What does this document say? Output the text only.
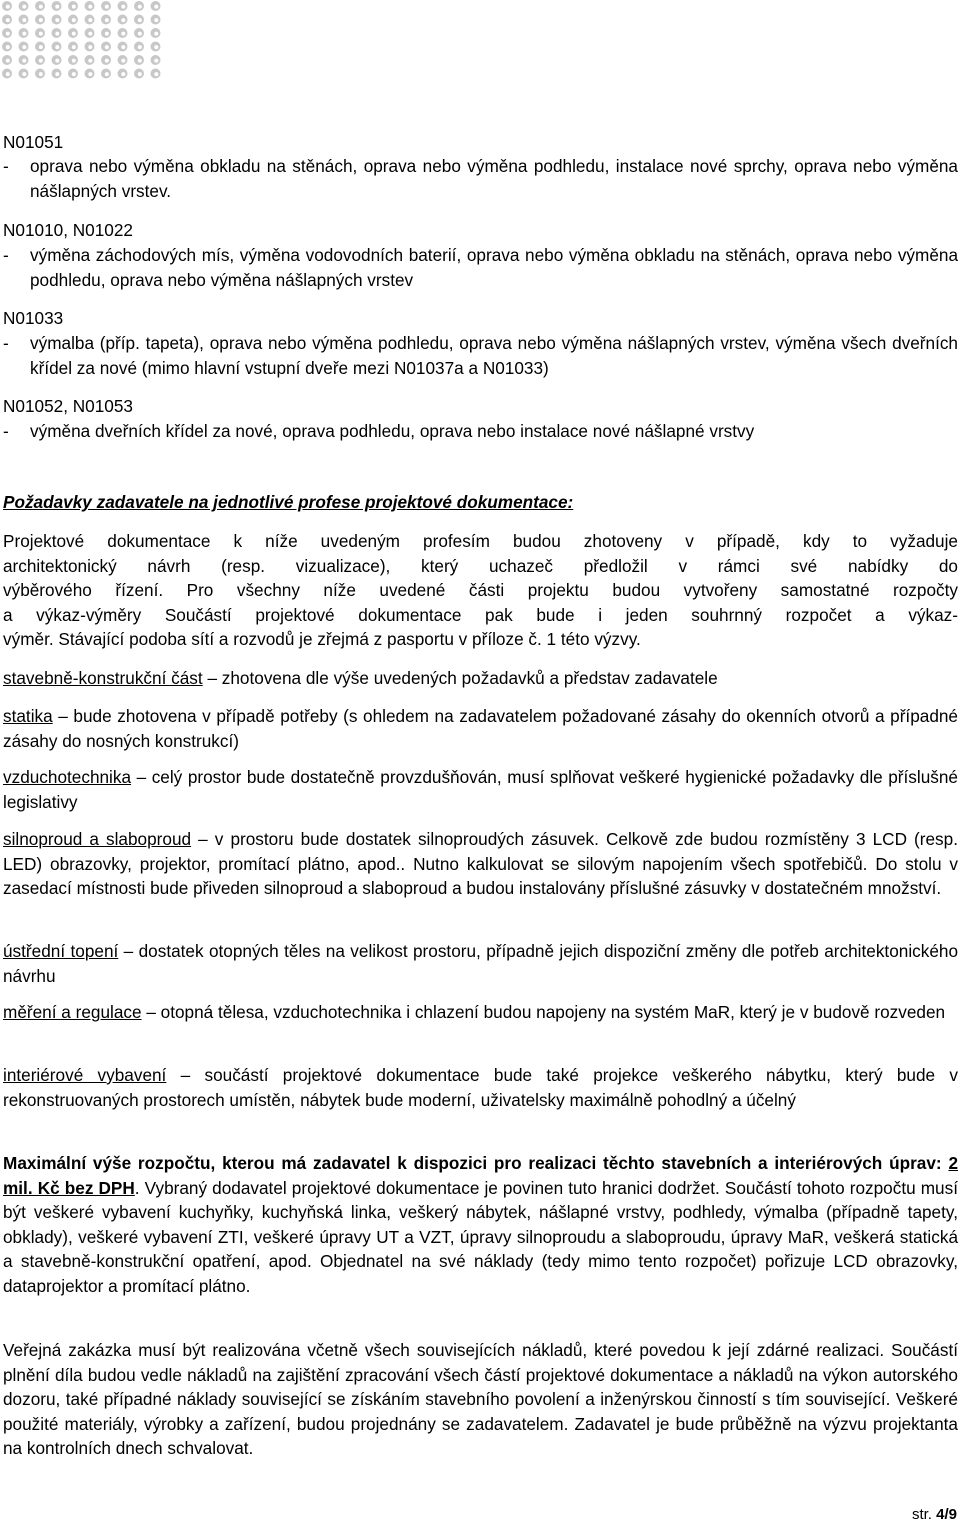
N01051
- oprava nebo výměna obkladu na stěnách, oprava nebo výměna podhledu, instalace nové sprchy, oprava nebo výměna nášlapných vrstev.
N01010, N01022
- výměna záchodových mís, výměna vodovodních baterií, oprava nebo výměna obkladu na stěnách, oprava nebo výměna podhledu, oprava nebo výměna nášlapných vrstev
N01033
- výmalba (příp. tapeta), oprava nebo výměna podhledu, oprava nebo výměna nášlapných vrstev, výměna všech dveřních křídel za nové (mimo hlavní vstupní dveře mezi N01037a a N01033)
N01052, N01053
- výměna dveřních křídel za nové, oprava podhledu, oprava nebo instalace nové nášlapné vrstvy
Požadavky zadavatele na jednotlivé profese projektové dokumentace:
Projektové dokumentace k níže uvedeným profesím budou zhotoveny v případě, kdy to vyžaduje
architektonický návrh (resp. vizualizace), který uchazeč předložil v rámci své nabídky do
výběrového řízení. Pro všechny níže uvedené části projektu budou vytvořeny samostatné rozpočty
a výkaz-výměry Součástí projektové dokumentace pak bude i jeden souhrnný rozpočet a výkaz-
výměr. Stávající podoba sítí a rozvodů je zřejmá z pasportu v příloze č. 1 této výzvy.
stavebně-konstrukční část – zhotovena dle výše uvedených požadavků a představ zadavatele
statika – bude zhotovena v případě potřeby (s ohledem na zadavatelem požadované zásahy do okenních otvorů a případné zásahy do nosných konstrukcí)
vzduchotechnika – celý prostor bude dostatečně provzdušňován, musí splňovat veškeré hygienické požadavky dle příslušné legislativy
silnoproud a slaboproud – v prostoru bude dostatek silnoproudých zásuvek. Celkově zde budou rozmístěny 3 LCD (resp. LED) obrazovky, projektor, promítací plátno, apod.. Nutno kalkulovat se silovým napojením všech spotřebičů. Do stolu v zasedací místnosti bude přiveden silnoproud a slaboproud a budou instalovány příslušné zásuvky v dostatečném množství.
ústřední topení – dostatek otopných těles na velikost prostoru, případně jejich dispoziční změny dle potřeb architektonického návrhu
měření a regulace – otopná tělesa, vzduchotechnika i chlazení budou napojeny na systém MaR, který je v budově rozveden
interiérové vybavení – součástí projektové dokumentace bude také projekce veškerého nábytku, který bude v rekonstruovaných prostorech umístěn, nábytek bude moderní, uživatelsky maximálně pohodlný a účelný
Maximální výše rozpočtu, kterou má zadavatel k dispozici pro realizaci těchto stavebních a interiérových úprav: 2 mil. Kč bez DPH. Vybraný dodavatel projektové dokumentace je povinen tuto hranici dodržet. Součástí tohoto rozpočtu musí být veškeré vybavení kuchyňky, kuchyňská linka, veškerý nábytek, nášlapné vrstvy, podhledy, výmalba (případně tapety, obklady), veškeré vybavení ZTI, veškeré úpravy UT a VZT, úpravy silnoproudu a slaboproudu, úpravy MaR, veškerá statická a stavebně-konstrukční opatření, apod. Objednatel na své náklady (tedy mimo tento rozpočet) pořizuje LCD obrazovky, dataprojektor a promítací plátno.
Veřejná zakázka musí být realizována včetně všech souvisejících nákladů, které povedou k její zdárné realizaci. Součástí plnění díla budou vedle nákladů na zajištění zpracování všech částí projektové dokumentace a nákladů na výkon autorského dozoru, také případné náklady související se získáním stavebního povolení a inženýrskou činností s tím související. Veškeré použité materiály, výrobky a zařízení, budou projednány se zadavatelem. Zadavatel je bude průběžně na výzvu projektanta na kontrolních dnech schvalovat.
str. 4/9
